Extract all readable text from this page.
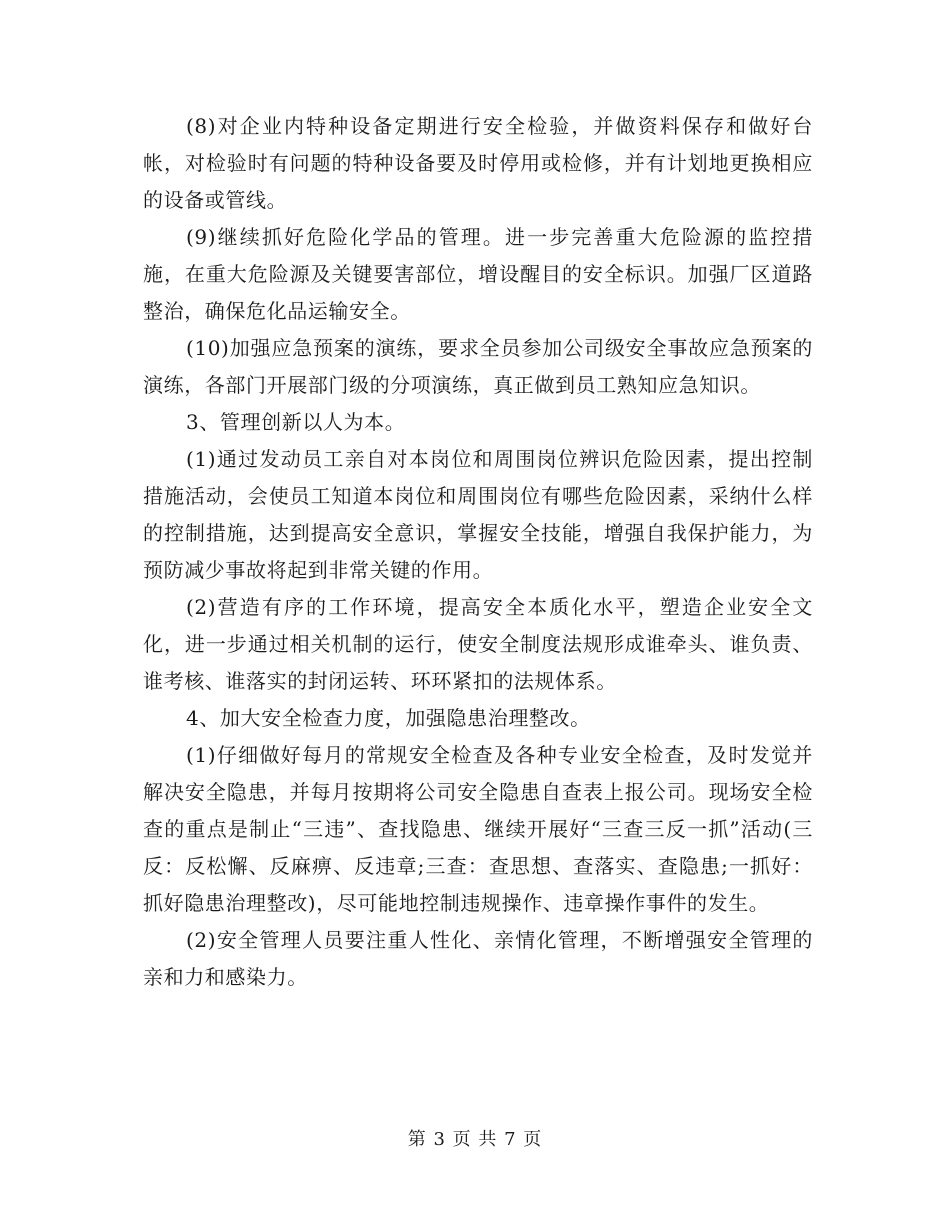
(8)对企业内特种设备定期进行安全检验，并做资料保存和做好台帐，对检验时有问题的特种设备要及时停用或检修，并有计划地更换相应的设备或管线。

(9)继续抓好危险化学品的管理。进一步完善重大危险源的监控措施，在重大危险源及关键要害部位，增设醒目的安全标识。加强厂区道路整治，确保危化品运输安全。

(10)加强应急预案的演练，要求全员参加公司级安全事故应急预案的演练，各部门开展部门级的分项演练，真正做到员工熟知应急知识。

3、管理创新以人为本。

(1)通过发动员工亲自对本岗位和周围岗位辨识危险因素，提出控制措施活动，会使员工知道本岗位和周围岗位有哪些危险因素，采纳什么样的控制措施，达到提高安全意识，掌握安全技能，增强自我保护能力，为预防减少事故将起到非常关键的作用。

(2)营造有序的工作环境，提高安全本质化水平，塑造企业安全文化，进一步通过相关机制的运行，使安全制度法规形成谁牵头、谁负责、谁考核、谁落实的封闭运转、环环紧扣的法规体系。

4、加大安全检查力度，加强隐患治理整改。

(1)仔细做好每月的常规安全检查及各种专业安全检查，及时发觉并解决安全隐患，并每月按期将公司安全隐患自查表上报公司。现场安全检查的重点是制止“三违”、查找隐患、继续开展好“三查三反一抓”活动(三反：反松懈、反麻痹、反违章;三查：查思想、查落实、查隐患;一抓好：抓好隐患治理整改)，尽可能地控制违规操作、违章操作事件的发生。

(2)安全管理人员要注重人性化、亲情化管理，不断增强安全管理的亲和力和感染力。

第 3 页 共 7 页
